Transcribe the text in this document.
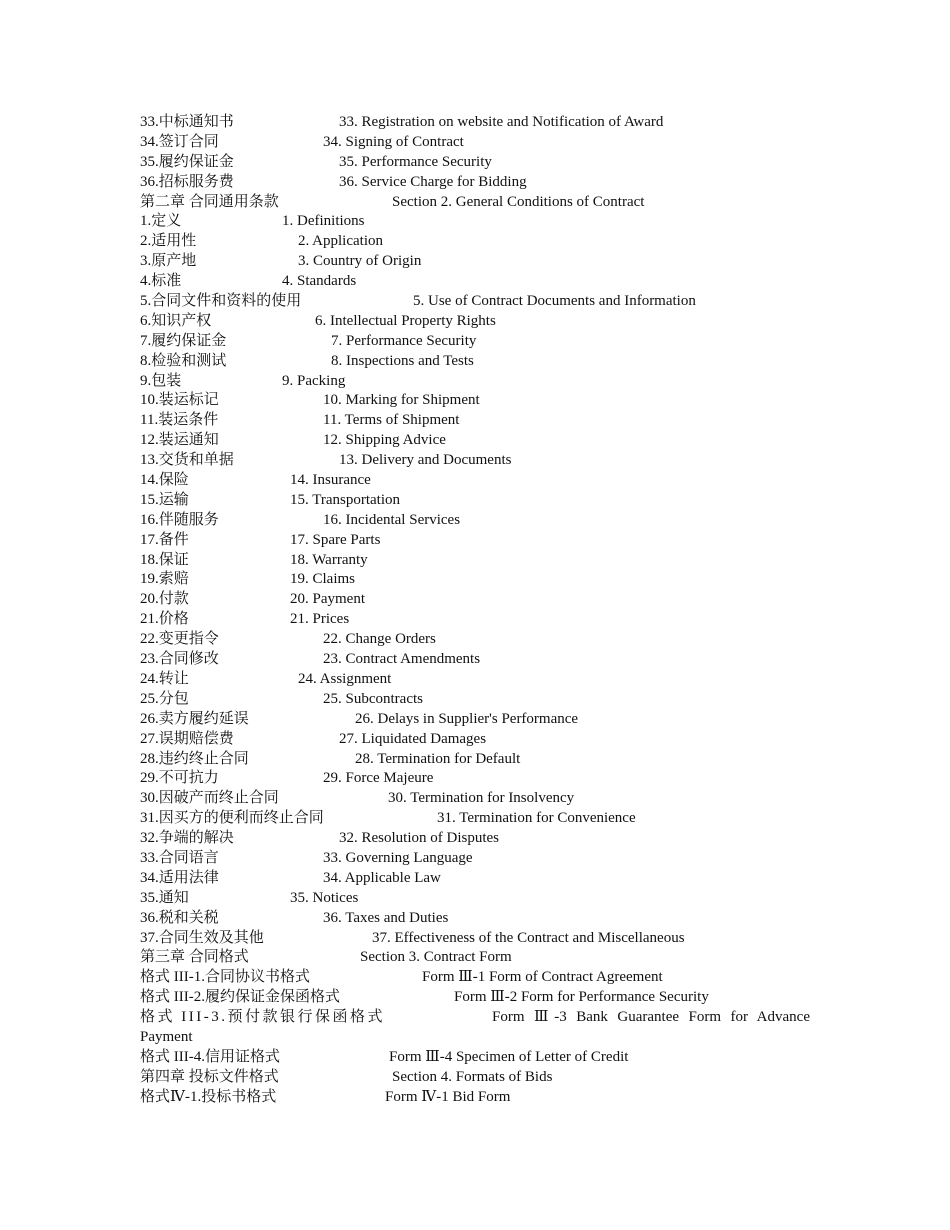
33.中标通知书	33. Registration on website and Notification of Award
34.签订合同	34. Signing of Contract
35.履约保证金	35. Performance Security
36.招标服务费	36. Service Charge for Bidding
第二章 合同通用条款	Section 2. General Conditions of Contract
1.定义	1. Definitions
2.适用性	2. Application
3.原产地	3. Country of Origin
4.标准	4. Standards
5.合同文件和资料的使用	5. Use of Contract Documents and Information
6.知识产权	6. Intellectual Property Rights
7.履约保证金	7. Performance Security
8.检验和测试	8. Inspections and Tests
9.包装	9. Packing
10.装运标记	10. Marking for Shipment
11.装运条件	11. Terms of Shipment
12.装运通知	12. Shipping Advice
13.交货和单据	13. Delivery and Documents
14.保险	14. Insurance
15.运输	15. Transportation
16.伴随服务	16. Incidental Services
17.备件	17. Spare Parts
18.保证	18. Warranty
19.索赔	19. Claims
20.付款	20. Payment
21.价格	21. Prices
22.变更指令	22. Change Orders
23.合同修改	23. Contract Amendments
24.转让	24. Assignment
25.分包	25. Subcontracts
26.卖方履约延误	26. Delays in Supplier's Performance
27.误期赔偿费	27. Liquidated Damages
28.违约终止合同	28. Termination for Default
29.不可抗力	29. Force Majeure
30.因破产而终止合同	30. Termination for Insolvency
31.因买方的便利而终止合同	31. Termination for Convenience
32.争端的解决	32. Resolution of Disputes
33.合同语言	33. Governing Language
34.适用法律	34. Applicable Law
35.通知	35. Notices
36.税和关税	36. Taxes and Duties
37.合同生效及其他	37. Effectiveness of the Contract and Miscellaneous
第三章 合同格式	Section 3. Contract Form
格式 III-1.合同协议书格式	Form Ⅲ-1 Form of Contract Agreement
格式 III-2.履约保证金保函格式	Form Ⅲ-2 Form for Performance Security
格式 III-3.预付款银行保函格式	Form Ⅲ-3 Bank Guarantee Form for Advance
Payment
格式 III-4.信用证格式	Form Ⅲ-4 Specimen of Letter of Credit
第四章 投标文件格式	Section 4. Formats of Bids
格式Ⅳ-1.投标书格式	Form Ⅳ-1 Bid Form
